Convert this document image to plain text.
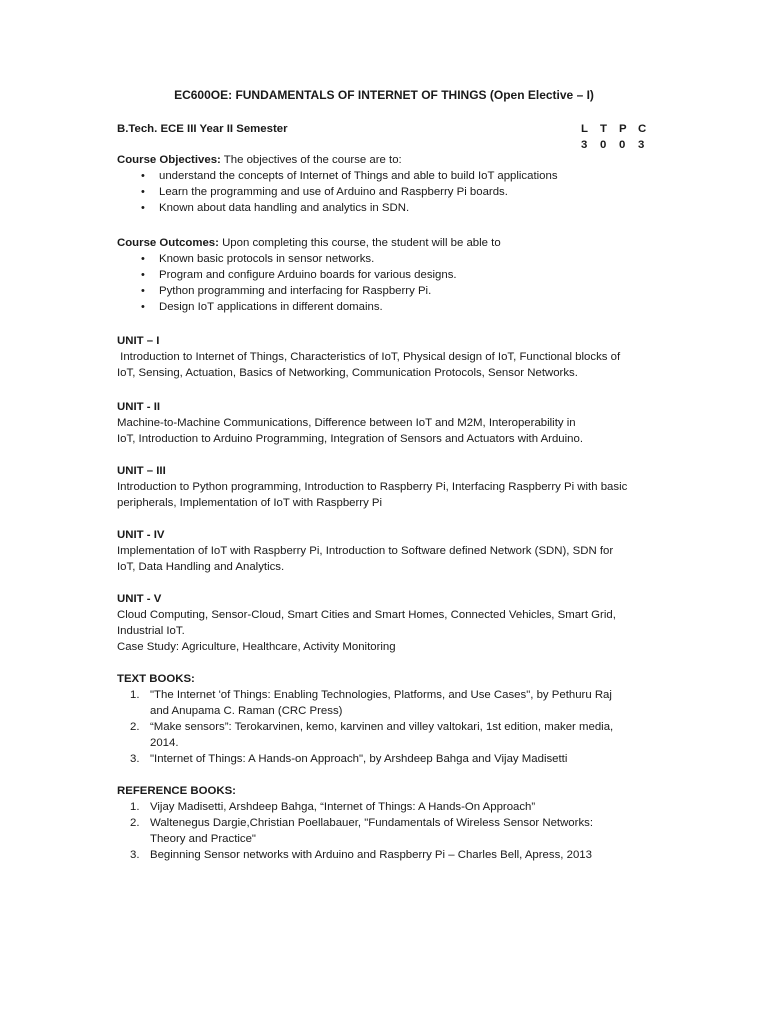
EC600OE: FUNDAMENTALS OF INTERNET OF THINGS (Open Elective – I)
B.Tech. ECE III Year II Semester	L	T	P C
3	0	0	3
Course Objectives: The objectives of the course are to:
• understand the concepts of Internet of Things and able to build IoT applications
• Learn the programming and use of Arduino and Raspberry Pi boards.
• Known about data handling and analytics in SDN.
Course Outcomes: Upon completing this course, the student will be able to
• Known basic protocols in sensor networks.
• Program and configure Arduino boards for various designs.
• Python programming and interfacing for Raspberry Pi.
• Design IoT applications in different domains.
UNIT – I
Introduction to Internet of Things, Characteristics of IoT, Physical design of IoT, Functional blocks of
IoT, Sensing, Actuation, Basics of Networking, Communication Protocols, Sensor Networks.
UNIT - II
Machine-to-Machine Communications, Difference between IoT and M2M, Interoperability in
IoT, Introduction to Arduino Programming, Integration of Sensors and Actuators with Arduino.
UNIT – III
Introduction to Python programming, Introduction to Raspberry Pi, Interfacing Raspberry Pi with basic
peripherals, Implementation of IoT with Raspberry Pi
UNIT - IV
Implementation of IoT with Raspberry Pi, Introduction to Software defined Network (SDN), SDN for
IoT, Data Handling and Analytics.
UNIT - V
Cloud Computing, Sensor-Cloud, Smart Cities and Smart Homes, Connected Vehicles, Smart Grid,
Industrial IoT.
Case Study: Agriculture, Healthcare, Activity Monitoring
TEXT BOOKS:
1. "The Internet 'of Things: Enabling Technologies, Platforms, and Use Cases", by Pethuru Raj
and Anupama C. Raman (CRC Press)
2. “Make sensors”: Terokarvinen, kemo, karvinen and villey valtokari, 1st edition, maker media,
2014.
3. "Internet of Things: A Hands-on Approach", by Arshdeep Bahga and Vijay Madisetti
REFERENCE BOOKS:
1. Vijay Madisetti, Arshdeep Bahga, “Internet of Things: A Hands-On Approach”
2. Waltenegus Dargie,Christian Poellabauer, "Fundamentals of Wireless Sensor Networks:
Theory and Practice"
3. Beginning Sensor networks with Arduino and Raspberry Pi – Charles Bell, Apress, 2013
